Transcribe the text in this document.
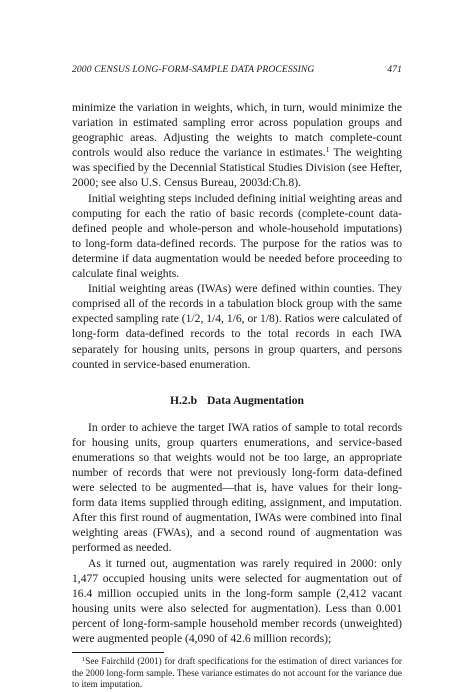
2000 CENSUS LONG-FORM-SAMPLE DATA PROCESSING	471

minimize the variation in weights, which, in turn, would minimize the variation in estimated sampling error across population groups and geographic areas. Adjusting the weights to match complete-count controls would also reduce the variance in estimates.$^1$ The weighting was specified by the Decennial Statistical Studies Division (see Hefter, 2000; see also U.S. Census Bureau, 2003d:Ch.8).

Initial weighting steps included defining initial weighting areas and computing for each the ratio of basic records (complete-count data-defined people and whole-person and whole-household imputations) to long-form data-defined records. The purpose for the ratios was to determine if data augmentation would be needed before proceeding to calculate final weights.

Initial weighting areas (IWAs) were defined within counties. They comprised all of the records in a tabulation block group with the same expected sampling rate (1/2, 1/4, 1/6, or 1/8). Ratios were calculated of long-form data-defined records to the total records in each IWA separately for housing units, persons in group quarters, and persons counted in service-based enumeration.

H.2.b Data Augmentation

In order to achieve the target IWA ratios of sample to total records for housing units, group quarters enumerations, and service-based enumerations so that weights would not be too large, an appropriate number of records that were not previously long-form data-defined were selected to be augmented—that is, have values for their long-form data items supplied through editing, assignment, and imputation. After this first round of augmentation, IWAs were combined into final weighting areas (FWAs), and a second round of augmentation was performed as needed.

As it turned out, augmentation was rarely required in 2000: only 1,477 occupied housing units were selected for augmentation out of 16.4 million occupied units in the long-form sample (2,412 vacant housing units were also selected for augmentation). Less than 0.001 percent of long-form-sample household member records (unweighted) were augmented people (4,090 of 42.6 million records);

$^1$See Fairchild (2001) for draft specifications for the estimation of direct variances for the 2000 long-form sample. These variance estimates do not account for the variance due to item imputation.
